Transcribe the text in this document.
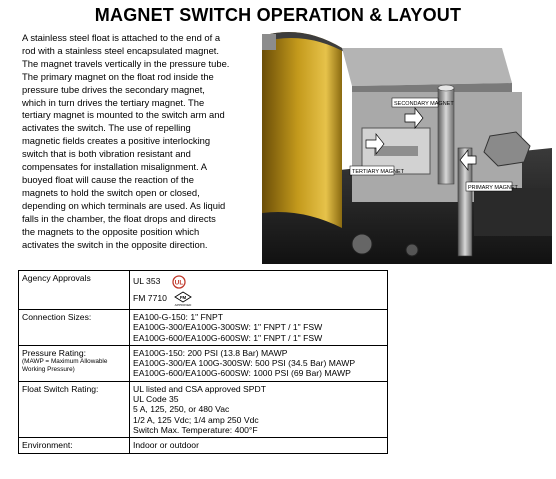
MAGNET SWITCH OPERATION & LAYOUT
A stainless steel float is attached to the end of a
rod with a stainless steel encapsulated magnet.
The magnet travels vertically in the pressure tube.
The primary magnet on the float rod inside the
pressure tube drives the secondary magnet,
which in turn drives the tertiary magnet. The
tertiary magnet is mounted to the switch arm and
activates the switch. The use of repelling
magnetic fields creates a positive interlocking
switch that is both vibration resistant and
compensates for installation misalignment. A
buoyed float will cause the reaction of the
magnets to hold the switch open or closed,
depending on which terminals are used. As liquid
falls in the chamber, the float drops and directs
the magnets to the opposite position which
activates the switch in the opposite direction.
SECONDARY MAGNET
TERTIARY MAGNET
PRIMARY MAGNET
Agency Approvals	UL 353 UL
FM 7710 FM
APPROVED

Connection Sizes:	EA100-G-150: 1" FNPT
EA100G-300/EA100G-300SW: 1" FNPT / 1" FSW
EA100G-600/EA100G-600SW: 1" FNPT / 1" FSW

Pressure Rating:
(MAWP = Maximum Allowable Working Pressure)	EA100G-150: 200 PSI (13.8 Bar) MAWP
EA100G-300/EA 100G-300SW: 500 PSI (34.5 Bar) MAWP
EA100G-600/EA100G-600SW: 1000 PSI (69 Bar) MAWP

Float Switch Rating:	UL listed and CSA approved SPDT
UL Code 35
5 A, 125, 250, or 480 Vac
1/2 A, 125 Vdc; 1/4 amp 250 Vdc
Switch Max. Temperature: 400°F

Environment:	Indoor or outdoor
